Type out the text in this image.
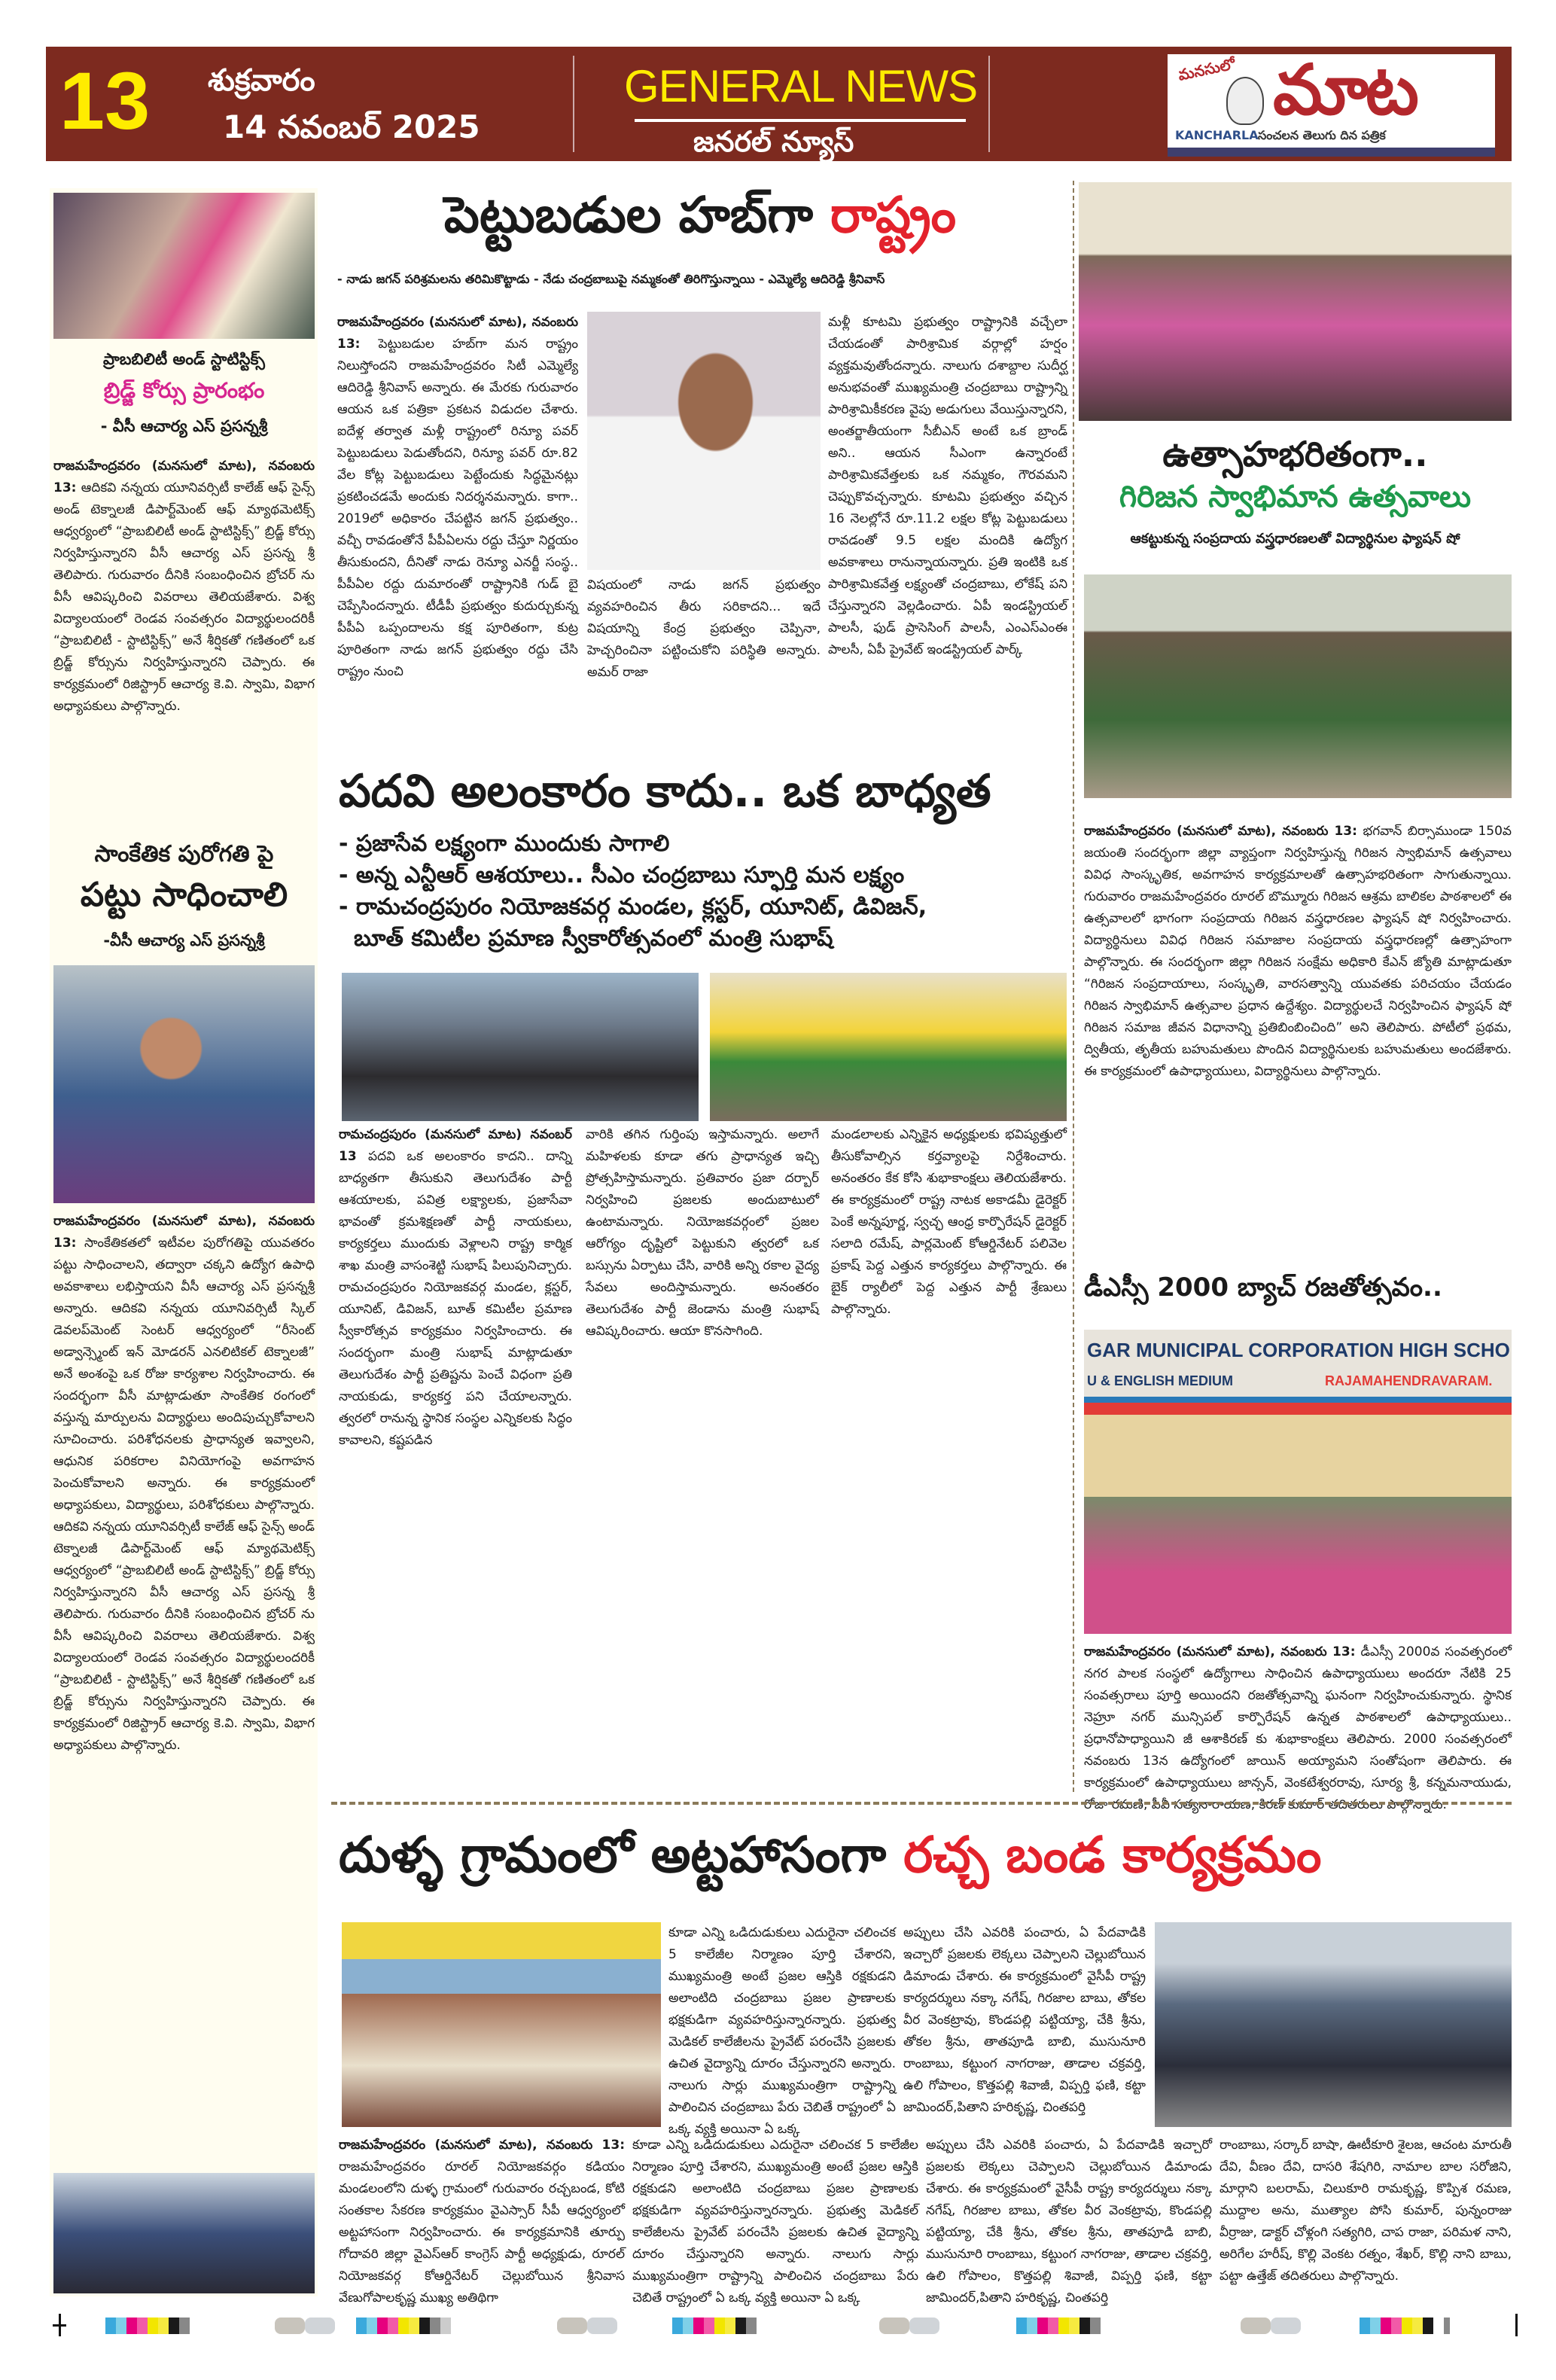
13 శుక్రవారం
14 నవంబర్ 2025
GENERAL NEWS
జనరల్ న్యూస్
మనసులో మాట
KANCHARLA సంచలన తెలుగు దిన పత్రిక
ప్రాబబిలిటీ అండ్ స్టాటిస్టిక్స్
బ్రిడ్జ్ కోర్సు ప్రారంభం
- వీసీ ఆచార్య ఎస్ ప్రసన్నశ్రీ

రాజమహేంద్రవరం (మనసులో మాట), నవంబరు 13: ఆదికవి నన్నయ యూనివర్సిటీ కాలేజ్ ఆఫ్ సైన్స్ అండ్ టెక్నాలజీ డిపార్ట్‌మెంట్ ఆఫ్ మ్యాథమెటిక్స్ ఆధ్వర్యంలో “ప్రాబబిలిటీ అండ్ స్టాటిస్టిక్స్” బ్రిడ్జ్ కోర్సు నిర్వహిస్తున్నారని వీసీ ఆచార్య ఎస్ ప్రసన్న శ్రీ తెలిపారు. గురువారం దీనికి సంబంధించిన బ్రోచర్ ను వీసీ ఆవిష్కరించి వివరాలు తెలియజేశారు. విశ్వ విద్యాలయంలో రెండవ సంవత్సరం విద్యార్థులందరికీ “ప్రాబబిలిటీ - స్టాటిస్టిక్స్” అనే శీర్షికతో గణితంలో ఒక బ్రిడ్జ్ కోర్సును నిర్వహిస్తున్నారని చెప్పారు. ఈ కార్యక్రమంలో రిజిస్ట్రార్ ఆచార్య కె.వి. స్వామి, విభాగ అధ్యాపకులు పాల్గొన్నారు.

సాంకేతిక పురోగతి పై
పట్టు సాధించాలి
-వీసీ ఆచార్య ఎస్ ప్రసన్నశ్రీ

రాజమహేంద్రవరం (మనసులో మాట), నవంబరు 13: సాంకేతికతలో ఇటీవల పురోగతిపై యువతరం పట్టు సాధించాలని, తద్వారా చక్కని ఉద్యోగ ఉపాధి అవకాశాలు లభిస్తాయని వీసీ ఆచార్య ఎస్ ప్రసన్నశ్రీ అన్నారు. ఆదికవి నన్నయ యూనివర్సిటీ స్కిల్ డెవలప్‌మెంట్ సెంటర్ ఆధ్వర్యంలో “రీసెంట్ అడ్వాన్స్మెంట్ ఇన్ మోడరన్ ఎనలిటికల్ టెక్నాలజీ” అనే అంశంపై ఒక రోజు కార్యశాల నిర్వహించారు. ఈ సందర్భంగా వీసీ మాట్లాడుతూ సాంకేతిక రంగంలో వస్తున్న మార్పులను విద్యార్థులు అందిపుచ్చుకోవాలని సూచించారు. పరిశోధనలకు ప్రాధాన్యత ఇవ్వాలని, ఆధునిక పరికరాల వినియోగంపై అవగాహన పెంచుకోవాలని అన్నారు. ఈ కార్యక్రమంలో అధ్యాపకులు, విద్యార్థులు, పరిశోధకులు పాల్గొన్నారు. ఆదికవి నన్నయ యూనివర్సిటీ కాలేజ్ ఆఫ్ సైన్స్ అండ్ టెక్నాలజీ డిపార్ట్‌మెంట్ ఆఫ్ మ్యాథమెటిక్స్ ఆధ్వర్యంలో “ప్రాబబిలిటీ అండ్ స్టాటిస్టిక్స్” బ్రిడ్జ్ కోర్సు నిర్వహిస్తున్నారని వీసీ ఆచార్య ఎస్ ప్రసన్న శ్రీ తెలిపారు. గురువారం దీనికి సంబంధించిన బ్రోచర్ ను వీసీ ఆవిష్కరించి వివరాలు తెలియజేశారు. విశ్వ విద్యాలయంలో రెండవ సంవత్సరం విద్యార్థులందరికీ “ప్రాబబిలిటీ - స్టాటిస్టిక్స్” అనే శీర్షికతో గణితంలో ఒక బ్రిడ్జ్ కోర్సును నిర్వహిస్తున్నారని చెప్పారు. ఈ కార్యక్రమంలో రిజిస్ట్రార్ ఆచార్య కె.వి. స్వామి, విభాగ అధ్యాపకులు పాల్గొన్నారు.

పెట్టుబడుల హబ్‌గా రాష్ట్రం
- నాడు జగన్ పరిశ్రమలను తరిమికొట్టాడు - నేడు చంద్రబాబుపై నమ్మకంతో తిరిగొస్తున్నాయి - ఎమ్మెల్యే ఆదిరెడ్డి శ్రీనివాస్

రాజమహేంద్రవరం (మనసులో మాట), నవంబరు 13: పెట్టుబడుల హబ్‌గా మన రాష్ట్రం నిలుస్తోందని రాజమహేంద్రవరం సిటీ ఎమ్మెల్యే ఆదిరెడ్డి శ్రీనివాస్ అన్నారు. ఈ మేరకు గురువారం ఆయన ఒక పత్రికా ప్రకటన విడుదల చేశారు. ఐదేళ్ల తర్వాత మళ్లీ రాష్ట్రంలో రిన్యూ పవర్ పెట్టుబడులు పెడుతోందని, రిన్యూ పవర్ రూ.82 వేల కోట్ల పెట్టుబడులు పెట్టేందుకు సిద్ధమైనట్లు ప్రకటించడమే అందుకు నిదర్శనమన్నారు. కాగా.. 2019లో అధికారం చేపట్టిన జగన్ ప్రభుత్వం.. వచ్చీ రావడంతోనే పీపీఏలను రద్దు చేస్తూ నిర్ణయం తీసుకుందని, దీనితో నాడు రెన్యూ ఎనర్జీ సంస్థ.. పీపీఏల రద్దు దుమారంతో రాష్ట్రానికి గుడ్ బై చెప్పేసిందన్నారు. టీడీపీ ప్రభుత్వం కుదుర్చుకున్న పీపీఏ ఒప్పందాలను కక్ష పూరితంగా, కుట్ర పూరితంగా నాడు జగన్ ప్రభుత్వం రద్దు చేసి రాష్ట్రం నుంచి

విషయంలో నాడు జగన్ ప్రభుత్వం వ్యవహరించిన తీరు సరికాదని... ఇదే విషయాన్ని కేంద్ర ప్రభుత్వం చెప్పినా, హెచ్చరించినా పట్టించుకోని పరిస్థితి అన్నారు. అమర్ రాజా

మళ్లీ కూటమి ప్రభుత్వం రాష్ట్రానికి వచ్చేలా చేయడంతో పారిశ్రామిక వర్గాల్లో హర్షం వ్యక్తమవుతోందన్నారు. నాలుగు దశాబ్దాల సుదీర్ఘ అనుభవంతో ముఖ్యమంత్రి చంద్రబాబు రాష్ట్రాన్ని పారిశ్రామికీకరణ వైపు అడుగులు వేయిస్తున్నారని, అంతర్జాతీయంగా సీబీఎన్ అంటే ఒక బ్రాండ్ అని.. ఆయన సీఎంగా ఉన్నారంటే పారిశ్రామికవేత్తలకు ఒక నమ్మకం, గౌరవమని చెప్పుకొవచ్చన్నారు. కూటమి ప్రభుత్వం వచ్చిన 16 నెలల్లోనే రూ.11.2 లక్షల కోట్ల పెట్టుబడులు రావడంతో 9.5 లక్షల మందికి ఉద్యోగ అవకాశాలు రానున్నాయన్నారు. ప్రతి ఇంటికి ఒక పారిశ్రామికవేత్త లక్ష్యంతో చంద్రబాబు, లోకేష్ పని చేస్తున్నారని వెల్లడించారు. ఏపీ ఇండస్ట్రియల్ పాలసీ, ఫుడ్ ప్రాసెసింగ్ పాలసీ, ఎంఎస్ఎంఈ పాలసీ, ఏపీ ప్రైవేట్ ఇండస్ట్రియల్ పార్క్

పదవి అలంకారం కాదు.. ఒక బాధ్యత
- ప్రజాసేవ లక్ష్యంగా ముందుకు సాగాలి
- అన్న ఎన్టీఆర్ ఆశయాలు.. సీఎం చంద్రబాబు స్ఫూర్తి మన లక్ష్యం
- రామచంద్రపురం నియోజకవర్గ మండల, క్లస్టర్, యూనిట్, డివిజన్,
బూత్ కమిటీల ప్రమాణ స్వీకారోత్సవంలో మంత్రి సుభాష్

రామచంద్రపురం (మనసులో మాట) నవంబర్ 13 పదవి ఒక అలంకారం కాదని.. దాన్ని బాధ్యతగా తీసుకుని తెలుగుదేశం పార్టీ ఆశయాలకు, పవిత్ర లక్ష్యాలకు, ప్రజాసేవా భావంతో క్రమశిక్షణతో పార్టీ నాయకులు, కార్యకర్తలు ముందుకు వెళ్లాలని రాష్ట్ర కార్మిక శాఖ మంత్రి వాసంశెట్టి సుభాష్ పిలుపునిచ్చారు. రామచంద్రపురం నియోజకవర్గ మండల, క్లస్టర్, యూనిట్, డివిజన్, బూత్ కమిటీల ప్రమాణ స్వీకారోత్సవ కార్యక్రమం నిర్వహించారు. ఈ సందర్భంగా మంత్రి సుభాష్ మాట్లాడుతూ తెలుగుదేశం పార్టీ ప్రతిష్టను పెంచే విధంగా ప్రతి నాయకుడు, కార్యకర్త పని చేయాలన్నారు. త్వరలో రానున్న స్థానిక సంస్థల ఎన్నికలకు సిద్ధం కావాలని, కష్టపడిన

వారికి తగిన గుర్తింపు ఇస్తామన్నారు. అలాగే మహిళలకు కూడా తగు ప్రాధాన్యత ఇచ్చి ప్రోత్సహిస్తామన్నారు. ప్రతివారం ప్రజా దర్బార్ నిర్వహించి ప్రజలకు అందుబాటులో ఉంటామన్నారు. నియోజకవర్గంలో ప్రజల ఆరోగ్యం దృష్టిలో పెట్టుకుని త్వరలో ఒక బస్సును ఏర్పాటు చేసి, వారికి అన్ని రకాల వైద్య సేవలు అందిస్తామన్నారు. అనంతరం తెలుగుదేశం పార్టీ జెండాను మంత్రి సుభాష్ ఆవిష్కరించారు. ఆయా కొనసాగింది.

మండలాలకు ఎన్నికైన అధ్యక్షులకు భవిష్యత్తులో తీసుకోవాల్సిన కర్తవ్యాలపై నిర్దేశించారు. అనంతరం కేక కోసి శుభాకాంక్షలు తెలియజేశారు. ఈ కార్యక్రమంలో రాష్ట్ర నాటక అకాడమీ డైరెక్టర్ పెంకే అన్నపూర్ణ, స్వచ్ఛ ఆంధ్ర కార్పొరేషన్ డైరెక్టర్ సలాది రమేష్, పార్లమెంట్ కోఆర్డినేటర్ పలివెల ప్రకాష్ పెద్ద ఎత్తున కార్యకర్తలు పాల్గొన్నారు. ఈ బైక్ ర్యాలీలో పెద్ద ఎత్తున పార్టీ శ్రేణులు పాల్గొన్నారు.

ఉత్సాహభరితంగా..
గిరిజన స్వాభిమాన ఉత్సవాలు
ఆకట్టుకున్న సంప్రదాయ వస్త్రధారణలతో విద్యార్థినుల ఫ్యాషన్ షో

రాజమహేంద్రవరం (మనసులో మాట), నవంబరు 13: భగవాన్ బిర్సాముండా 150వ జయంతి సందర్భంగా జిల్లా వ్యాప్తంగా నిర్వహిస్తున్న గిరిజన స్వాభిమాన్ ఉత్సవాలు వివిధ సాంస్కృతిక, అవగాహన కార్యక్రమాలతో ఉత్సాహభరితంగా సాగుతున్నాయి. గురువారం రాజమహేంద్రవరం రూరల్ బొమ్మూరు గిరిజన ఆశ్రమ బాలికల పాఠశాలలో ఈ ఉత్సవాలలో భాగంగా సంప్రదాయ గిరిజన వస్త్రధారణల ఫ్యాషన్ షో నిర్వహించారు. విద్యార్థినులు వివిధ గిరిజన సమాజాల సంప్రదాయ వస్త్రధారణల్లో ఉత్సాహంగా పాల్గొన్నారు. ఈ సందర్భంగా జిల్లా గిరిజన సంక్షేమ అధికారి కేఎన్ జ్యోతి మాట్లాడుతూ “గిరిజన సంప్రదాయాలు, సంస్కృతి, వారసత్వాన్ని యువతకు పరిచయం చేయడం గిరిజన స్వాభిమాన్ ఉత్సవాల ప్రధాన ఉద్దేశ్యం. విద్యార్థులచే నిర్వహించిన ఫ్యాషన్ షో గిరిజన సమాజ జీవన విధానాన్ని ప్రతిబింబించింది” అని తెలిపారు. పోటీలో ప్రథమ, ద్వితీయ, తృతీయ బహుమతులు పొందిన విద్యార్థినులకు బహుమతులు అందజేశారు. ఈ కార్యక్రమంలో ఉపాధ్యాయులు, విద్యార్థినులు పాల్గొన్నారు.

డీఎస్సీ 2000 బ్యాచ్ రజతోత్సవం..
GAR MUNICIPAL CORPORATION HIGH SCHO
U & ENGLISH MEDIUM	RAJAMAHENDRAVARAM.

రాజమహేంద్రవరం (మనసులో మాట), నవంబరు 13: డీఎస్సీ 2000వ సంవత్సరంలో నగర పాలక సంస్థలో ఉద్యోగాలు సాధించిన ఉపాధ్యాయులు అందరూ నేటికి 25 సంవత్సరాలు పూర్తి అయిందని రజతోత్సవాన్ని ఘనంగా నిర్వహించుకున్నారు. స్థానిక నెహ్రూ నగర్ మున్సిపల్ కార్పొరేషన్ ఉన్నత పాఠశాలలో ఉపాధ్యాయులు.. ప్రధానోపాధ్యాయిని జీ ఆశాకిరణ్ కు శుభాకాంక్షలు తెలిపారు. 2000 సంవత్సరంలో నవంబరు 13న ఉద్యోగంలో జాయిన్ అయ్యామని సంతోషంగా తెలిపారు. ఈ కార్యక్రమంలో ఉపాధ్యాయులు జాన్సన్, వెంకటేశ్వరరావు, సూర్య శ్రీ, కన్నమనాయుడు, రోజా రమణి, పీవీ సత్యనారాయణ, కిరణ్ కుమార్ తదితరులు పాల్గొన్నారు.

దుళ్ళ గ్రామంలో అట్టహాసంగా రచ్చ బండ కార్యక్రమం

కూడా ఎన్ని ఒడిదుడుకులు ఎదురైనా చలించక 5 కాలేజీల నిర్మాణం పూర్తి చేశారని, ముఖ్యమంత్రి అంటే ప్రజల ఆస్తికి రక్షకుడని అలాంటిది చంద్రబాబు ప్రజల ప్రాణాలకు భక్షకుడిగా వ్యవహరిస్తున్నారన్నారు. ప్రభుత్వ మెడికల్ కాలేజీలను ప్రైవేట్ పరంచేసి ప్రజలకు ఉచిత వైద్యాన్ని దూరం చేస్తున్నారని అన్నారు. నాలుగు సార్లు ముఖ్యమంత్రిగా రాష్ట్రాన్ని పాలించిన చంద్రబాబు పేరు చెబితే రాష్ట్రంలో ఏ ఒక్క వ్యక్తి అయినా ఏ ఒక్క

అప్పులు చేసి ఎవరికి పంచారు, ఏ పేదవాడికి ఇచ్చారో ప్రజలకు లెక్కలు చెప్పాలని చెల్లుబోయిన డిమాండు చేశారు. ఈ కార్యక్రమంలో వైసీపీ రాష్ట్ర కార్యదర్శులు నక్కా నగేష్, గిరజాల బాబు, తోకల వీర వెంకట్రావు, కొండపల్లి పట్టియ్యా, చేకి శ్రీను, తోకల శ్రీను, తాతపూడి బాబి, ముసునూరి రాంబాబు, కట్టుంగ నాగరాజు, తాడాల చక్రవర్తి, ఉలి గోపాలం, కొత్తపల్లి శివాజీ, విప్పర్తి ఫణి, కట్టా జామిందర్,పితాని హరికృష్ణ, చింతపర్తి

రాజమహేంద్రవరం (మనసులో మాట), నవంబరు 13: రాజమహేంద్రవరం రూరల్ నియోజకవర్గం కడియం మండలంలోని దుళ్ళ గ్రామంలో గురువారం రచ్చబండ, కోటి సంతకాల సేకరణ కార్యక్రమం వైఎస్సార్ సీపీ ఆధ్వర్యంలో అట్టహాసంగా నిర్వహించారు. ఈ కార్యక్రమానికి తూర్పు గోదావరి జిల్లా వైఎస్ఆర్ కాంగ్రెస్ పార్టీ అధ్యక్షుడు, రూరల్ నియోజకవర్గ కోఆర్డినేటర్ చెల్లుబోయిన శ్రీనివాస వేణుగోపాలకృష్ణ ముఖ్య అతిథిగా

కూడా ఎన్ని ఒడిదుడుకులు ఎదురైనా చలించక 5 కాలేజీల నిర్మాణం పూర్తి చేశారని, ముఖ్యమంత్రి అంటే ప్రజల ఆస్తికి రక్షకుడని అలాంటిది చంద్రబాబు ప్రజల ప్రాణాలకు భక్షకుడిగా వ్యవహరిస్తున్నారన్నారు. ప్రభుత్వ మెడికల్ కాలేజీలను ప్రైవేట్ పరంచేసి ప్రజలకు ఉచిత వైద్యాన్ని దూరం చేస్తున్నారని అన్నారు. నాలుగు సార్లు ముఖ్యమంత్రిగా రాష్ట్రాన్ని పాలించిన చంద్రబాబు పేరు చెబితే రాష్ట్రంలో ఏ ఒక్క వ్యక్తి అయినా ఏ ఒక్క

అప్పులు చేసి ఎవరికి పంచారు, ఏ పేదవాడికి ఇచ్చారో ప్రజలకు లెక్కలు చెప్పాలని చెల్లుబోయిన డిమాండు చేశారు. ఈ కార్యక్రమంలో వైసీపీ రాష్ట్ర కార్యదర్శులు నక్కా నగేష్, గిరజాల బాబు, తోకల వీర వెంకట్రావు, కొండపల్లి పట్టియ్యా, చేకి శ్రీను, తోకల శ్రీను, తాతపూడి బాబి, ముసునూరి రాంబాబు, కట్టుంగ నాగరాజు, తాడాల చక్రవర్తి, ఉలి గోపాలం, కొత్తపల్లి శివాజీ, విప్పర్తి ఫణి, కట్టా జామిందర్,పితాని హరికృష్ణ, చింతపర్తి

రాంబాబు, సర్కార్ బాషా, ఊటీకూరి శైలజ, ఆచంట మారుతీ దేవి, వీణం దేవి, దాసరి శేషగిరి, నామాల బాల సరోజిని, మార్గాని బలరామ్, చిలుకూరి రామకృష్ణ, కొప్పిశ రమణ, ముద్దాల అను, ముత్యాల పోసి కుమార్, పున్నంరాజు వీర్రాజు, డాక్టర్ చోళ్లంగి సత్యగిరి, చాప రాజా, పరిమళ నాని, అరిగేల హరీష్, కొల్లి వెంకట రత్నం, శేఖర్, కొల్లి నాని బాబు, పట్టా ఉత్తేజ్ తదితరులు పాల్గొన్నారు.
